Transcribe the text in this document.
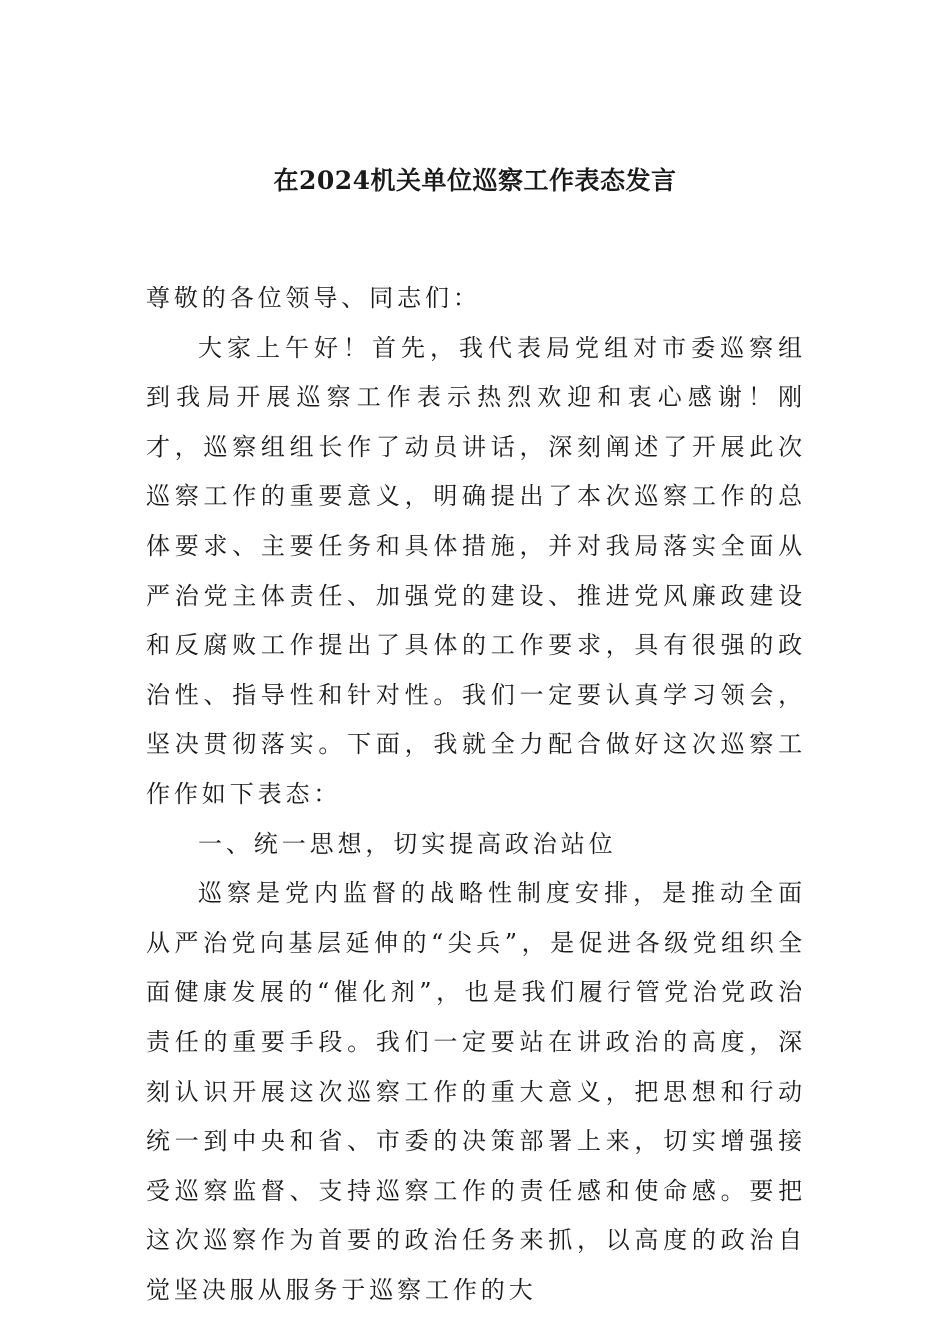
在2024机关单位巡察工作表态发言

尊敬的各位领导、同志们：

大家上午好！首先，我代表局党组对市委巡察组到我局开展巡察工作表示热烈欢迎和衷心感谢！刚才，巡察组组长作了动员讲话，深刻阐述了开展此次巡察工作的重要意义，明确提出了本次巡察工作的总体要求、主要任务和具体措施，并对我局落实全面从严治党主体责任、加强党的建设、推进党风廉政建设和反腐败工作提出了具体的工作要求，具有很强的政治性、指导性和针对性。我们一定要认真学习领会，坚决贯彻落实。下面，我就全力配合做好这次巡察工作作如下表态：

一、统一思想，切实提高政治站位

巡察是党内监督的战略性制度安排，是推动全面从严治党向基层延伸的“尖兵”，是促进各级党组织全面健康发展的“催化剂”，也是我们履行管党治党政治责任的重要手段。我们一定要站在讲政治的高度，深刻认识开展这次巡察工作的重大意义，把思想和行动统一到中央和省、市委的决策部署上来，切实增强接受巡察监督、支持巡察工作的责任感和使命感。要把这次巡察作为首要的政治任务来抓，以高度的政治自觉坚决服从服务于巡察工作的大
